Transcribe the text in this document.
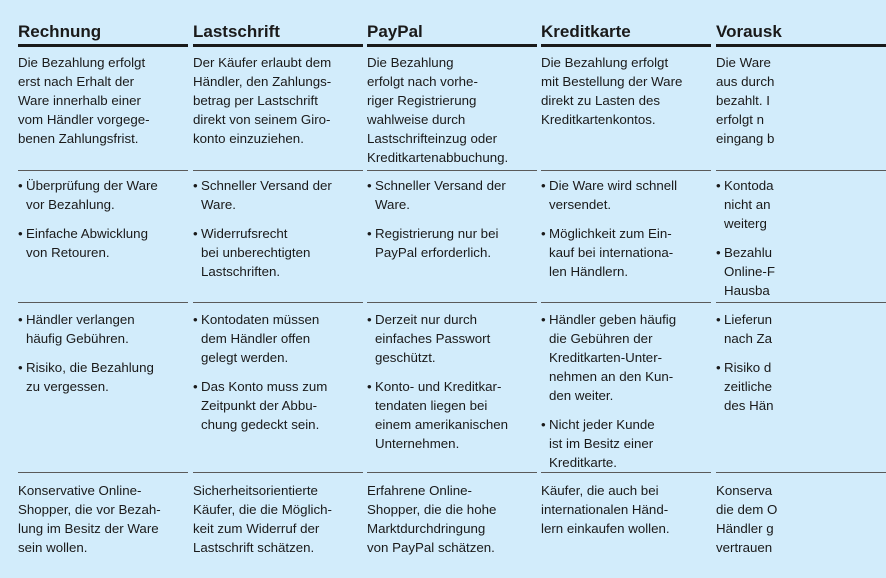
Rechnung

Die Bezahlung erfolgt
erst nach Erhalt der
Ware innerhalb einer
vom Händler vorgege-
benen Zahlungsfrist.

• Überprüfung der Ware
vor Bezahlung.
• Einfache Abwicklung
von Retouren.
• Händler verlangen
häufig Gebühren.
• Risiko, die Bezahlung
zu vergessen.

Konservative Online-
Shopper, die vor Bezah-
lung im Besitz der Ware
sein wollen.

Lastschrift

Der Käufer erlaubt dem
Händler, den Zahlungs-
betrag per Lastschrift
direkt von seinem Giro-
konto einzuziehen.

• Schneller Versand der
Ware.
• Widerrufsrecht
bei unberechtigten
Lastschriften.
• Kontodaten müssen
dem Händler offen
gelegt werden.
• Das Konto muss zum
Zeitpunkt der Abbu-
chung gedeckt sein.

Sicherheitsorientierte
Käufer, die die Möglich-
keit zum Widerruf der
Lastschrift schätzen.

PayPal

Die Bezahlung
erfolgt nach vorhe-
riger Registrierung
wahlweise durch
Lastschrifteinzug oder
Kreditkartenabbuchung.

• Schneller Versand der
Ware.
• Registrierung nur bei
PayPal erforderlich.
• Derzeit nur durch
einfaches Passwort
geschützt.
• Konto- und Kreditkar-
tendaten liegen bei
einem amerikanischen
Unternehmen.

Erfahrene Online-
Shopper, die die hohe
Marktdurchdringung
von PayPal schätzen.

Kreditkarte

Die Bezahlung erfolgt
mit Bestellung der Ware
direkt zu Lasten des
Kreditkartenkontos.

• Die Ware wird schnell
versendet.
• Möglichkeit zum Ein-
kauf bei internationa-
len Händlern.
• Händler geben häufig
die Gebühren der
Kreditkarten-Unter-
nehmen an den Kun-
den weiter.
• Nicht jeder Kunde
ist im Besitz einer
Kreditkarte.

Käufer, die auch bei
internationalen Händ-
lern einkaufen wollen.

Vorausk

Die Ware
aus durch
bezahlt. I
erfolgt n
eingang b

• Kontoda
nicht an
weiterg
• Bezahlu
Online-F
Hausba
• Lieferun
nach Za
• Risiko d
zeitliche
des Hän

Konserva
die dem O
Händler g
vertrauen
